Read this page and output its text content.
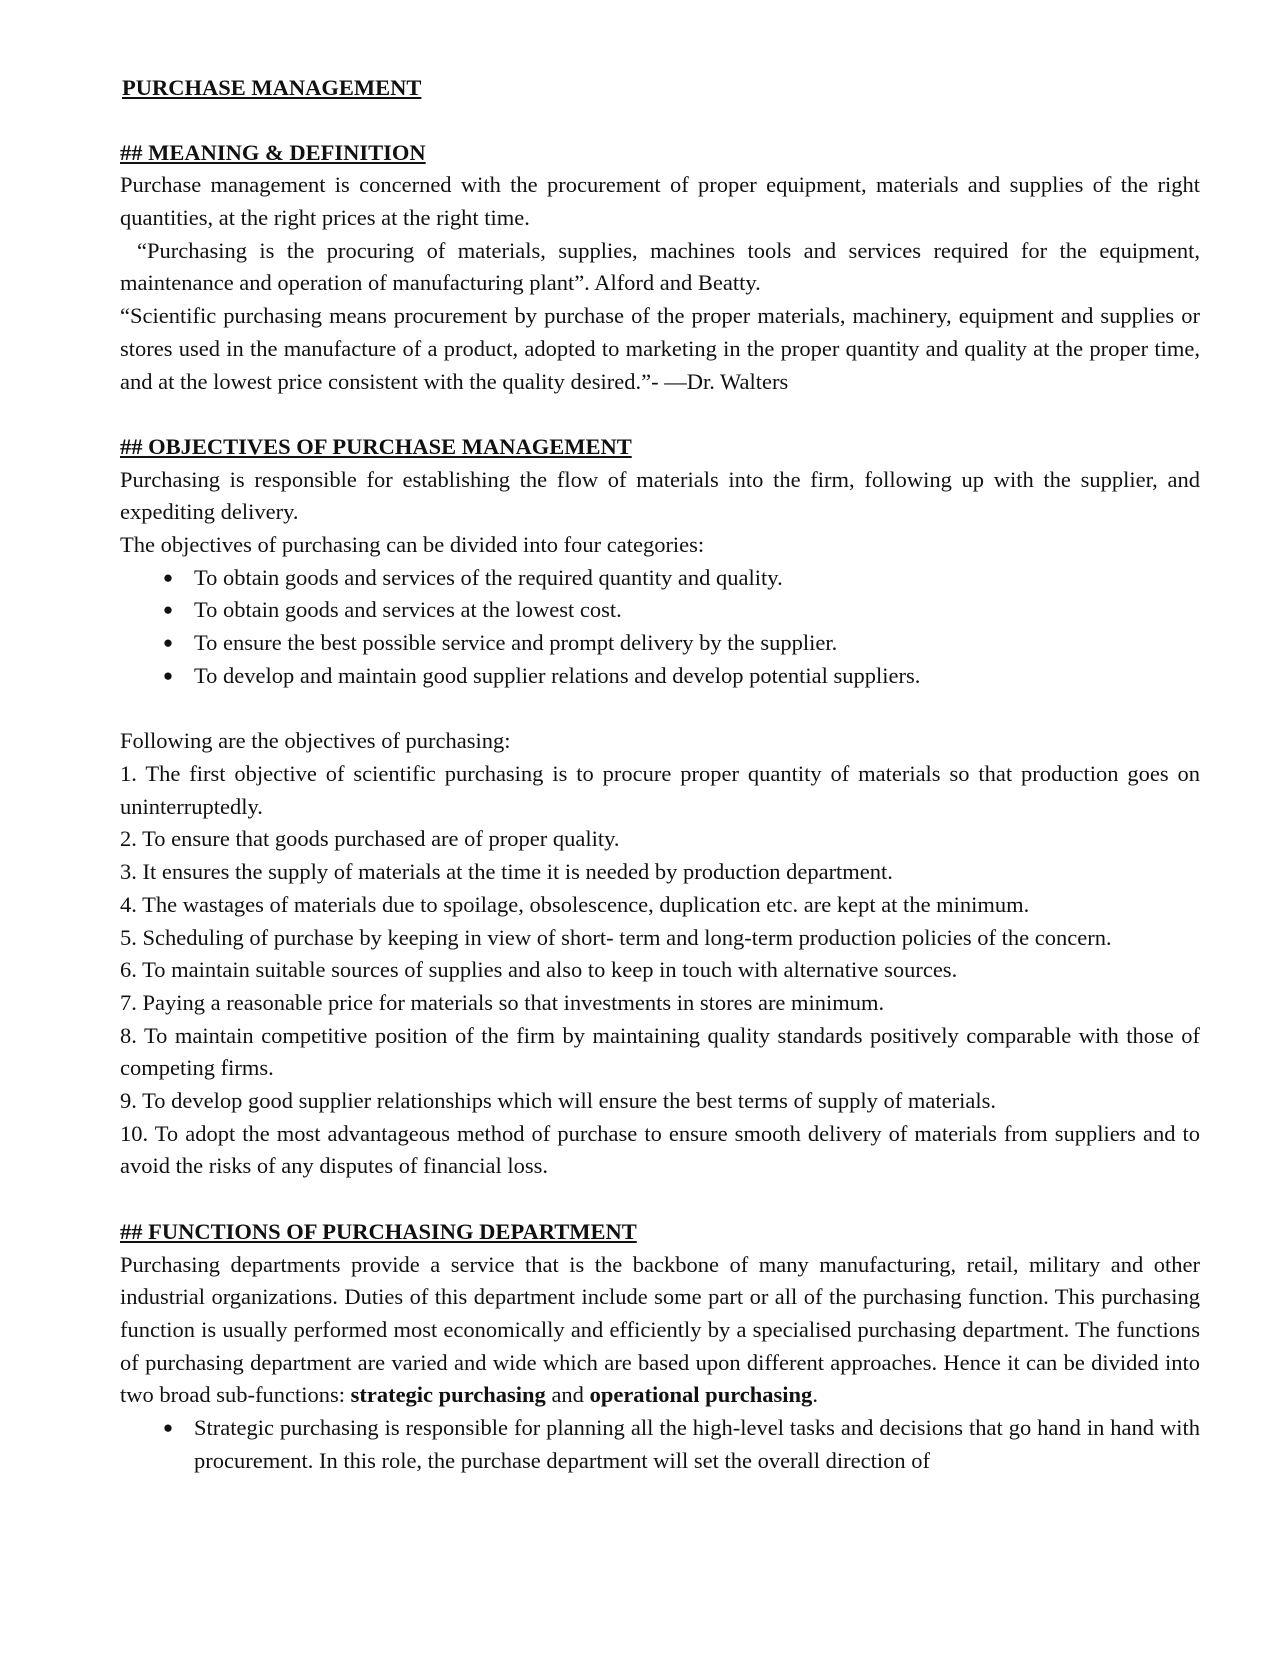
PURCHASE MANAGEMENT
## MEANING & DEFINITION

Purchase management is concerned with the procurement of proper equipment, materials and supplies of the right quantities, at the right prices at the right time.

“Purchasing is the procuring of materials, supplies, machines tools and services required for the equipment, maintenance and operation of manufacturing plant”. Alford and Beatty.

“Scientific purchasing means procurement by purchase of the proper materials, machinery, equipment and supplies or stores used in the manufacture of a product, adopted to marketing in the proper quantity and quality at the proper time, and at the lowest price consistent with the quality desired.”- —Dr. Walters

## OBJECTIVES OF PURCHASE MANAGEMENT

Purchasing is responsible for establishing the flow of materials into the firm, following up with the supplier, and expediting delivery.

The objectives of purchasing can be divided into four categories:

● To obtain goods and services of the required quantity and quality.
● To obtain goods and services at the lowest cost.
● To ensure the best possible service and prompt delivery by the supplier.
● To develop and maintain good supplier relations and develop potential suppliers.

Following are the objectives of purchasing:

1. The first objective of scientific purchasing is to procure proper quantity of materials so that production goes on uninterruptedly.

2. To ensure that goods purchased are of proper quality.

3. It ensures the supply of materials at the time it is needed by production department.

4. The wastages of materials due to spoilage, obsolescence, duplication etc. are kept at the minimum.

5. Scheduling of purchase by keeping in view of short- term and long-term production policies of the concern.

6. To maintain suitable sources of supplies and also to keep in touch with alternative sources.

7. Paying a reasonable price for materials so that investments in stores are minimum.

8. To maintain competitive position of the firm by maintaining quality standards positively comparable with those of competing firms.

9. To develop good supplier relationships which will ensure the best terms of supply of materials.

10. To adopt the most advantageous method of purchase to ensure smooth delivery of materials from suppliers and to avoid the risks of any disputes of financial loss.

## FUNCTIONS OF PURCHASING DEPARTMENT

Purchasing departments provide a service that is the backbone of many manufacturing, retail, military and other industrial organizations. Duties of this department include some part or all of the purchasing function. This purchasing function is usually performed most economically and efficiently by a specialised purchasing department. The functions of purchasing department are varied and wide which are based upon different approaches. Hence it can be divided into two broad sub-functions: strategic purchasing and operational purchasing.

● Strategic purchasing is responsible for planning all the high-level tasks and decisions that go hand in hand with procurement. In this role, the purchase department will set the overall direction of
